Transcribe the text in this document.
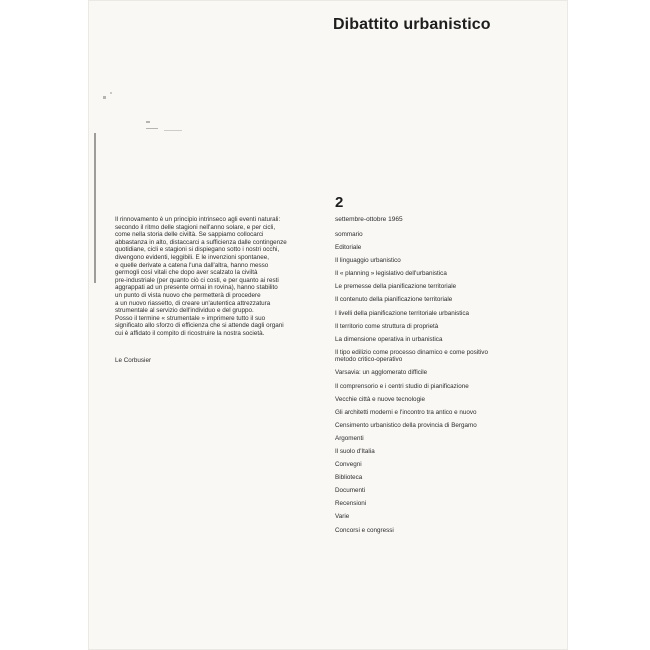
Dibattito urbanistico
2
settembre-ottobre 1965
sommario
Editoriale
Il linguaggio urbanistico
Il « planning » legislativo dell'urbanistica
Le premesse della pianificazione territoriale
Il contenuto della pianificazione territoriale
I livelli della pianificazione territoriale urbanistica
Il territorio come struttura di proprietà
La dimensione operativa in urbanistica
Il tipo edilizio come processo dinamico e come positivo metodo critico-operativo
Varsavia: un agglomerato difficile
Il comprensorio e i centri studio di pianificazione
Vecchie città e nuove tecnologie
Gli architetti moderni e l'incontro tra antico e nuovo
Censimento urbanistico della provincia di Bergamo
Argomenti
Il suolo d'Italia
Convegni
Biblioteca
Documenti
Recensioni
Varie
Concorsi e congressi

Il rinnovamento è un principio intrinseco agli eventi naturali:

secondo il ritmo delle stagioni nell'anno solare, e per cicli,

come nella storia delle civiltà. Se sappiamo collocarci

abbastanza in alto, distaccarci a sufficienza dalle contingenze

quotidiane, cicli e stagioni si dispiegano sotto i nostri occhi,

divengono evidenti, leggibili. E le invenzioni spontanee,

e quelle derivate a catena l'una dall'altra, hanno messo

germogli così vitali che dopo aver scalzato la civiltà

pre-industriale (per quanto ciò ci costi, e per quanto ai resti

aggrappati ad un presente ormai in rovina), hanno stabilito

un punto di vista nuovo che permetterà di procedere

a un nuovo riassetto, di creare un'autentica attrezzatura

strumentale al servizio dell'individuo e del gruppo.

Posso il termine « strumentale » imprimere tutto il suo

significato allo sforzo di efficienza che si attende dagli organi

cui è affidato il compito di ricostruire la nostra società.

Le Corbusier
